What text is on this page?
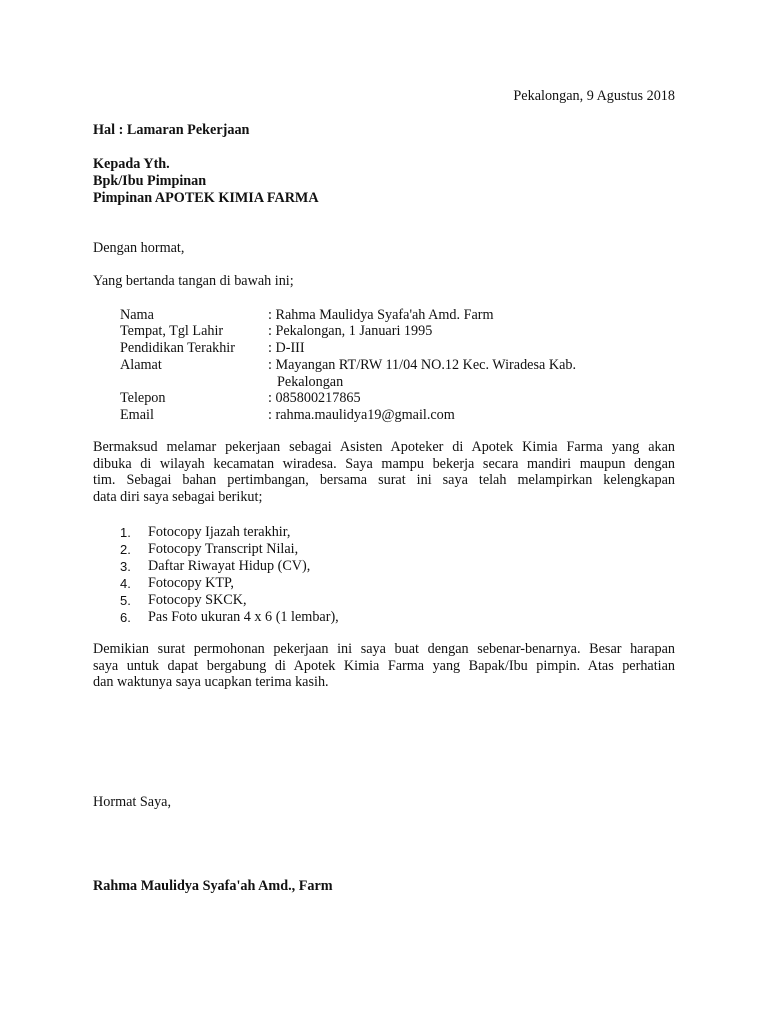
Pekalongan, 9 Agustus 2018
Hal : Lamaran Pekerjaan
Kepada Yth.
Bpk/Ibu Pimpinan
Pimpinan APOTEK KIMIA FARMA
Dengan hormat,
Yang bertanda tangan di bawah ini;
Nama	: Rahma Maulidya Syafa'ah Amd. Farm
Tempat, Tgl Lahir	: Pekalongan, 1 Januari 1995
Pendidikan Terakhir : D-III
Alamat	: Mayangan RT/RW 11/04 NO.12 Kec. Wiradesa Kab.
Pekalongan
Telepon	: 085800217865
Email	: rahma.maulidya19@gmail.com
Bermaksud melamar pekerjaan sebagai Asisten Apoteker di Apotek Kimia Farma yang akan
dibuka di wilayah kecamatan wiradesa. Saya mampu bekerja secara mandiri maupun dengan
tim. Sebagai bahan pertimbangan, bersama surat ini saya telah melampirkan kelengkapan
data diri saya sebagai berikut;
1. Fotocopy Ijazah terakhir,
2. Fotocopy Transcript Nilai,
3. Daftar Riwayat Hidup (CV),
4. Fotocopy KTP,
5. Fotocopy SKCK,
6. Pas Foto ukuran 4 x 6 (1 lembar),
Demikian surat permohonan pekerjaan ini saya buat dengan sebenar-benarnya. Besar harapan
saya untuk dapat bergabung di Apotek Kimia Farma yang Bapak/Ibu pimpin. Atas perhatian
dan waktunya saya ucapkan terima kasih.
Hormat Saya,
Rahma Maulidya Syafa'ah Amd., Farm
